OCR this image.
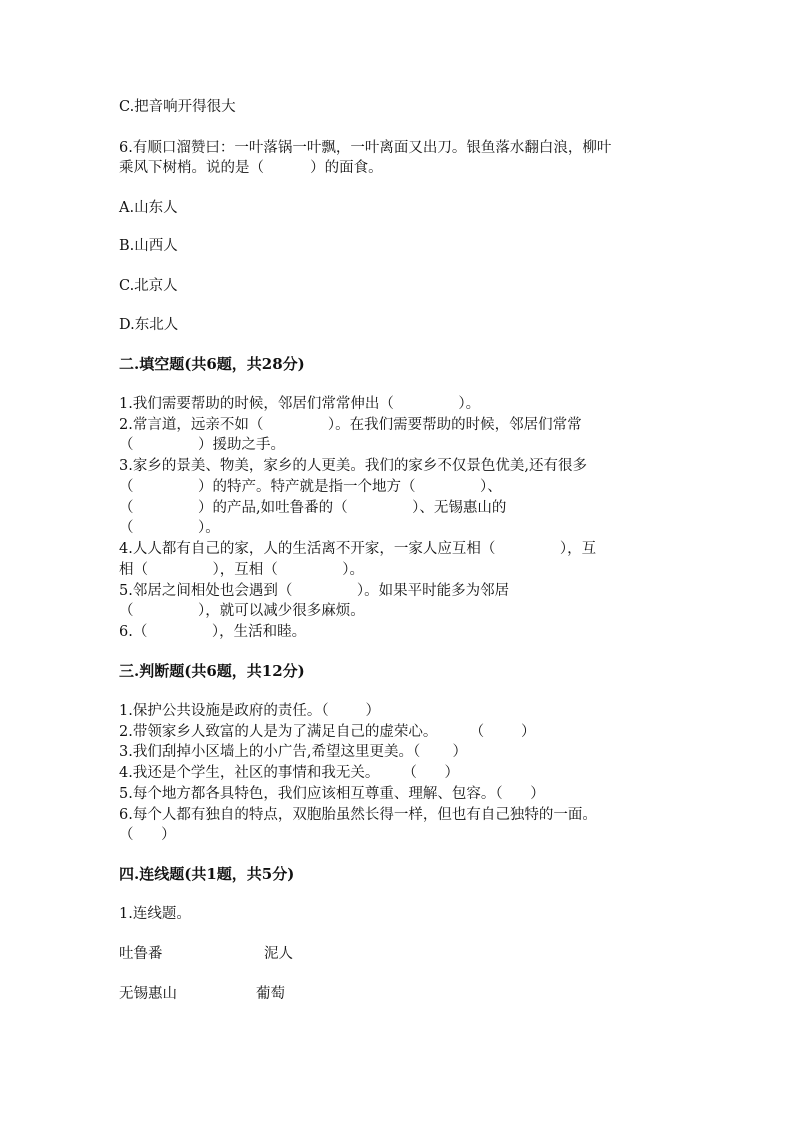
C.把音响开得很大
6.有顺口溜赞曰：一叶落锅一叶飘，一叶离面又出刀。银鱼落水翻白浪，柳叶
乘风下树梢。说的是（          ）的面食。
A.山东人
B.山西人
C.北京人
D.东北人
二.填空题(共6题，共28分)
1.我们需要帮助的时候，邻居们常常伸出（              ）。
2.常言道，远亲不如（              ）。在我们需要帮助的时候，邻居们常常
（              ）援助之手。
3.家乡的景美、物美，家乡的人更美。我们的家乡不仅景色优美,还有很多
（              ）的特产。特产就是指一个地方（              ）、
（              ）的产品,如吐鲁番的（              ）、无锡惠山的
（              ）。
4.人人都有自己的家，人的生活离不开家，一家人应互相（              ），互
相（              ），互相（              ）。
5.邻居之间相处也会遇到（              ）。如果平时能多为邻居
（              ），就可以减少很多麻烦。
6.（              ），生活和睦。
三.判断题(共6题，共12分)
1.保护公共设施是政府的责任。（        ）
2.带领家乡人致富的人是为了满足自己的虚荣心。       （        ）
3.我们刮掉小区墙上的小广告,希望这里更美。（       ）
4.我还是个学生，社区的事情和我无关。     （      ）
5.每个地方都各具特色，我们应该相互尊重、理解、包容。（      ）
6.每个人都有独自的特点，双胞胎虽然长得一样，但也有自己独特的一面。
（      ）
四.连线题(共1题，共5分)
1.连线题。
吐鲁番	泥人
无锡惠山	葡萄
